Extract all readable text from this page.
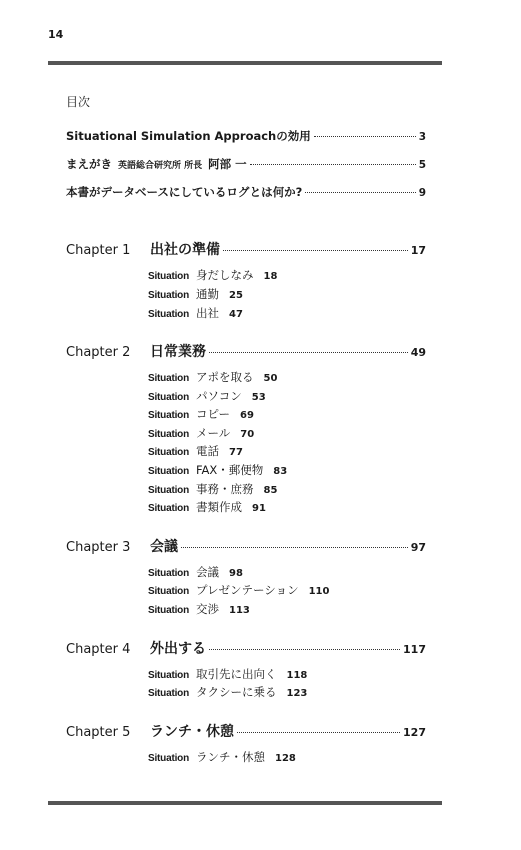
14
目次
Situational Simulation Approachの効用	3
まえがき 英語総合研究所 所長 阿部 一	5
本書がデータベースにしているログとは何か?	9
Chapter 1	出社の準備	17
Situation 身だしなみ 18
Situation 通勤 25
Situation 出社 47
Chapter 2	日常業務	49
Situation アポを取る 50
Situation パソコン 53
Situation コピー 69
Situation メール 70
Situation 電話 77
Situation FAX・郵便物 83
Situation 事務・庶務 85
Situation 書類作成 91
Chapter 3	会議	97
Situation 会議 98
Situation プレゼンテーション 110
Situation 交渉 113
Chapter 4	外出する	117
Situation 取引先に出向く 118
Situation タクシーに乗る 123
Chapter 5	ランチ・休憩	127
Situation ランチ・休憩 128
